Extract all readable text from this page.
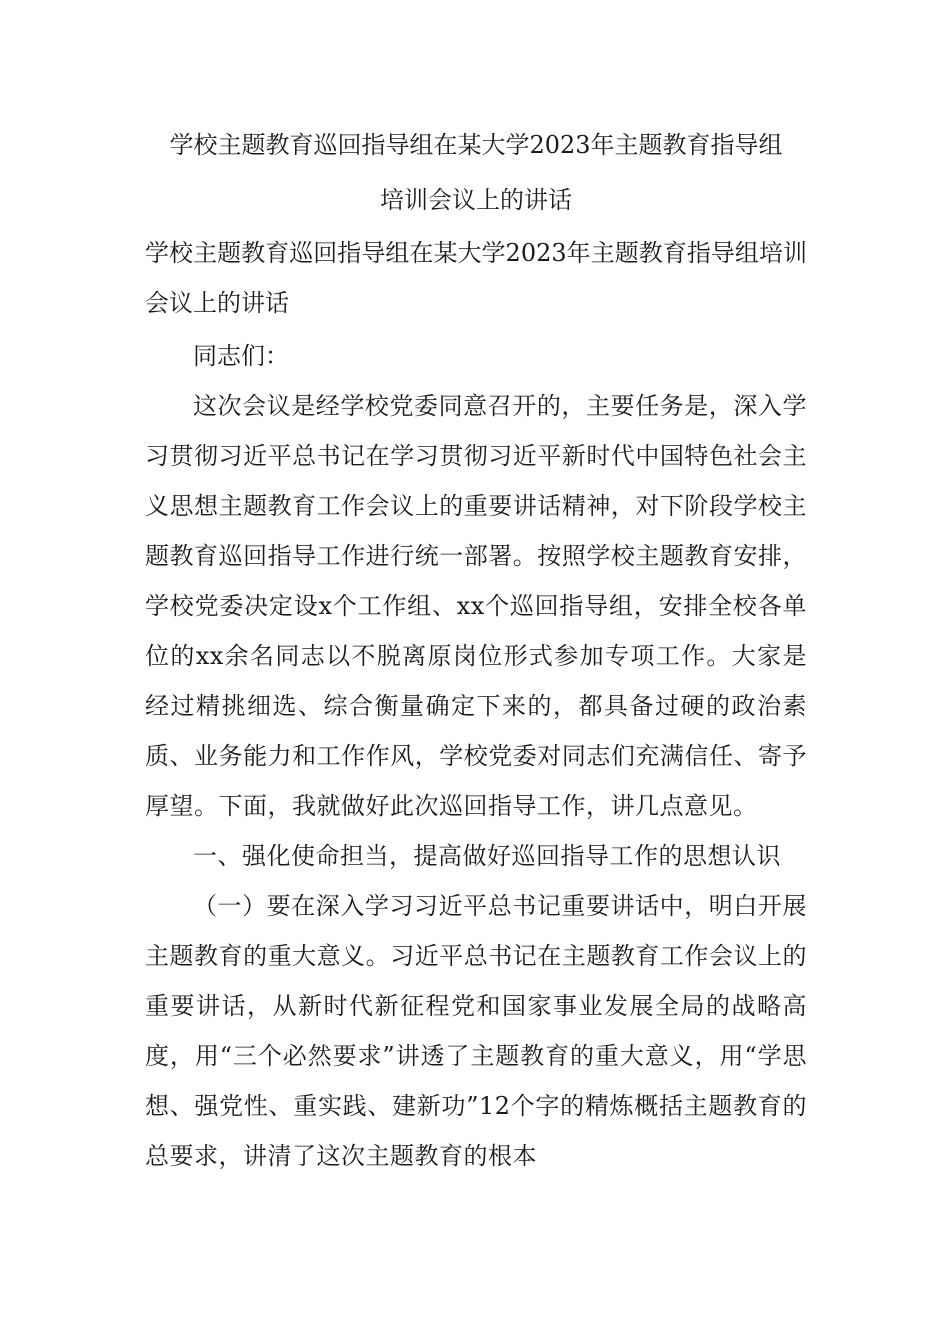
学校主题教育巡回指导组在某大学2023年主题教育指导组
培训会议上的讲话

学校主题教育巡回指导组在某大学2023年主题教育指导组培训会议上的讲话

同志们：

这次会议是经学校党委同意召开的，主要任务是，深入学习贯彻习近平总书记在学习贯彻习近平新时代中国特色社会主义思想主题教育工作会议上的重要讲话精神，对下阶段学校主题教育巡回指导工作进行统一部署。按照学校主题教育安排，学校党委决定设x个工作组、xx个巡回指导组，安排全校各单位的xx余名同志以不脱离原岗位形式参加专项工作。大家是经过精挑细选、综合衡量确定下来的，都具备过硬的政治素质、业务能力和工作作风，学校党委对同志们充满信任、寄予厚望。下面，我就做好此次巡回指导工作，讲几点意见。

一、强化使命担当，提高做好巡回指导工作的思想认识

（一）要在深入学习习近平总书记重要讲话中，明白开展主题教育的重大意义。习近平总书记在主题教育工作会议上的重要讲话，从新时代新征程党和国家事业发展全局的战略高度，用“三个必然要求”讲透了主题教育的重大意义，用“学思想、强党性、重实践、建新功”12个字的精炼概括主题教育的总要求，讲清了这次主题教育的根本
